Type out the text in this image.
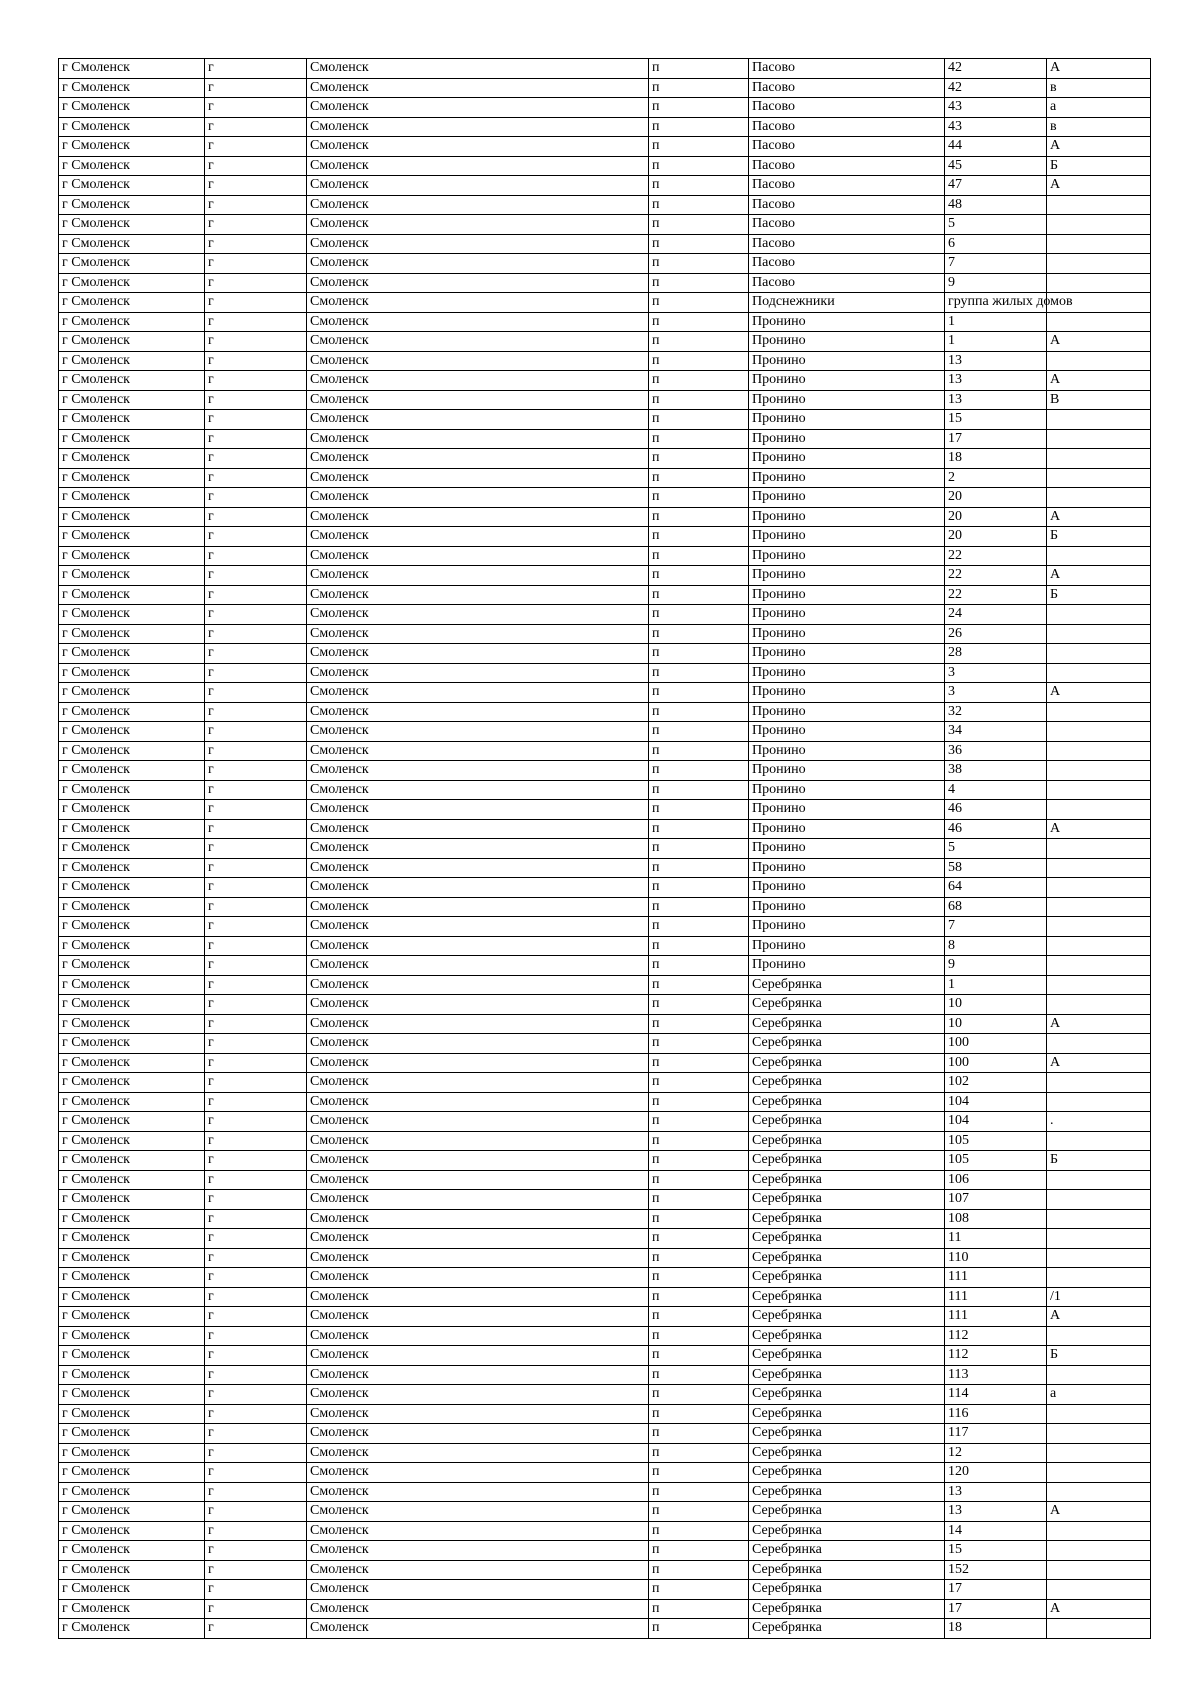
г Смоленск	г	Смоленск	п	Пасово	42	А
г Смоленск	г	Смоленск	п	Пасово	42	в
г Смоленск	г	Смоленск	п	Пасово	43	а
г Смоленск	г	Смоленск	п	Пасово	43	в
г Смоленск	г	Смоленск	п	Пасово	44	А
г Смоленск	г	Смоленск	п	Пасово	45	Б
г Смоленск	г	Смоленск	п	Пасово	47	А
г Смоленск	г	Смоленск	п	Пасово	48	
г Смоленск	г	Смоленск	п	Пасово	5	
г Смоленск	г	Смоленск	п	Пасово	6	
г Смоленск	г	Смоленск	п	Пасово	7	
г Смоленск	г	Смоленск	п	Пасово	9	
г Смоленск	г	Смоленск	п	Подснежники	группа жилых домов	
г Смоленск	г	Смоленск	п	Пронино	1	
г Смоленск	г	Смоленск	п	Пронино	1	А
г Смоленск	г	Смоленск	п	Пронино	13	
г Смоленск	г	Смоленск	п	Пронино	13	А
г Смоленск	г	Смоленск	п	Пронино	13	В
г Смоленск	г	Смоленск	п	Пронино	15	
г Смоленск	г	Смоленск	п	Пронино	17	
г Смоленск	г	Смоленск	п	Пронино	18	
г Смоленск	г	Смоленск	п	Пронино	2	
г Смоленск	г	Смоленск	п	Пронино	20	
г Смоленск	г	Смоленск	п	Пронино	20	А
г Смоленск	г	Смоленск	п	Пронино	20	Б
г Смоленск	г	Смоленск	п	Пронино	22	
г Смоленск	г	Смоленск	п	Пронино	22	А
г Смоленск	г	Смоленск	п	Пронино	22	Б
г Смоленск	г	Смоленск	п	Пронино	24	
г Смоленск	г	Смоленск	п	Пронино	26	
г Смоленск	г	Смоленск	п	Пронино	28	
г Смоленск	г	Смоленск	п	Пронино	3	
г Смоленск	г	Смоленск	п	Пронино	3	А
г Смоленск	г	Смоленск	п	Пронино	32	
г Смоленск	г	Смоленск	п	Пронино	34	
г Смоленск	г	Смоленск	п	Пронино	36	
г Смоленск	г	Смоленск	п	Пронино	38	
г Смоленск	г	Смоленск	п	Пронино	4	
г Смоленск	г	Смоленск	п	Пронино	46	
г Смоленск	г	Смоленск	п	Пронино	46	А
г Смоленск	г	Смоленск	п	Пронино	5	
г Смоленск	г	Смоленск	п	Пронино	58	
г Смоленск	г	Смоленск	п	Пронино	64	
г Смоленск	г	Смоленск	п	Пронино	68	
г Смоленск	г	Смоленск	п	Пронино	7	
г Смоленск	г	Смоленск	п	Пронино	8	
г Смоленск	г	Смоленск	п	Пронино	9	
г Смоленск	г	Смоленск	п	Серебрянка	1	
г Смоленск	г	Смоленск	п	Серебрянка	10	
г Смоленск	г	Смоленск	п	Серебрянка	10	А
г Смоленск	г	Смоленск	п	Серебрянка	100	
г Смоленск	г	Смоленск	п	Серебрянка	100	А
г Смоленск	г	Смоленск	п	Серебрянка	102	
г Смоленск	г	Смоленск	п	Серебрянка	104	
г Смоленск	г	Смоленск	п	Серебрянка	104	.
г Смоленск	г	Смоленск	п	Серебрянка	105	
г Смоленск	г	Смоленск	п	Серебрянка	105	Б
г Смоленск	г	Смоленск	п	Серебрянка	106	
г Смоленск	г	Смоленск	п	Серебрянка	107	
г Смоленск	г	Смоленск	п	Серебрянка	108	
г Смоленск	г	Смоленск	п	Серебрянка	11	
г Смоленск	г	Смоленск	п	Серебрянка	110	
г Смоленск	г	Смоленск	п	Серебрянка	111	
г Смоленск	г	Смоленск	п	Серебрянка	111	/1
г Смоленск	г	Смоленск	п	Серебрянка	111	А
г Смоленск	г	Смоленск	п	Серебрянка	112	
г Смоленск	г	Смоленск	п	Серебрянка	112	Б
г Смоленск	г	Смоленск	п	Серебрянка	113	
г Смоленск	г	Смоленск	п	Серебрянка	114	а
г Смоленск	г	Смоленск	п	Серебрянка	116	
г Смоленск	г	Смоленск	п	Серебрянка	117	
г Смоленск	г	Смоленск	п	Серебрянка	12	
г Смоленск	г	Смоленск	п	Серебрянка	120	
г Смоленск	г	Смоленск	п	Серебрянка	13	
г Смоленск	г	Смоленск	п	Серебрянка	13	А
г Смоленск	г	Смоленск	п	Серебрянка	14	
г Смоленск	г	Смоленск	п	Серебрянка	15	
г Смоленск	г	Смоленск	п	Серебрянка	152	
г Смоленск	г	Смоленск	п	Серебрянка	17	
г Смоленск	г	Смоленск	п	Серебрянка	17	А
г Смоленск	г	Смоленск	п	Серебрянка	18	
